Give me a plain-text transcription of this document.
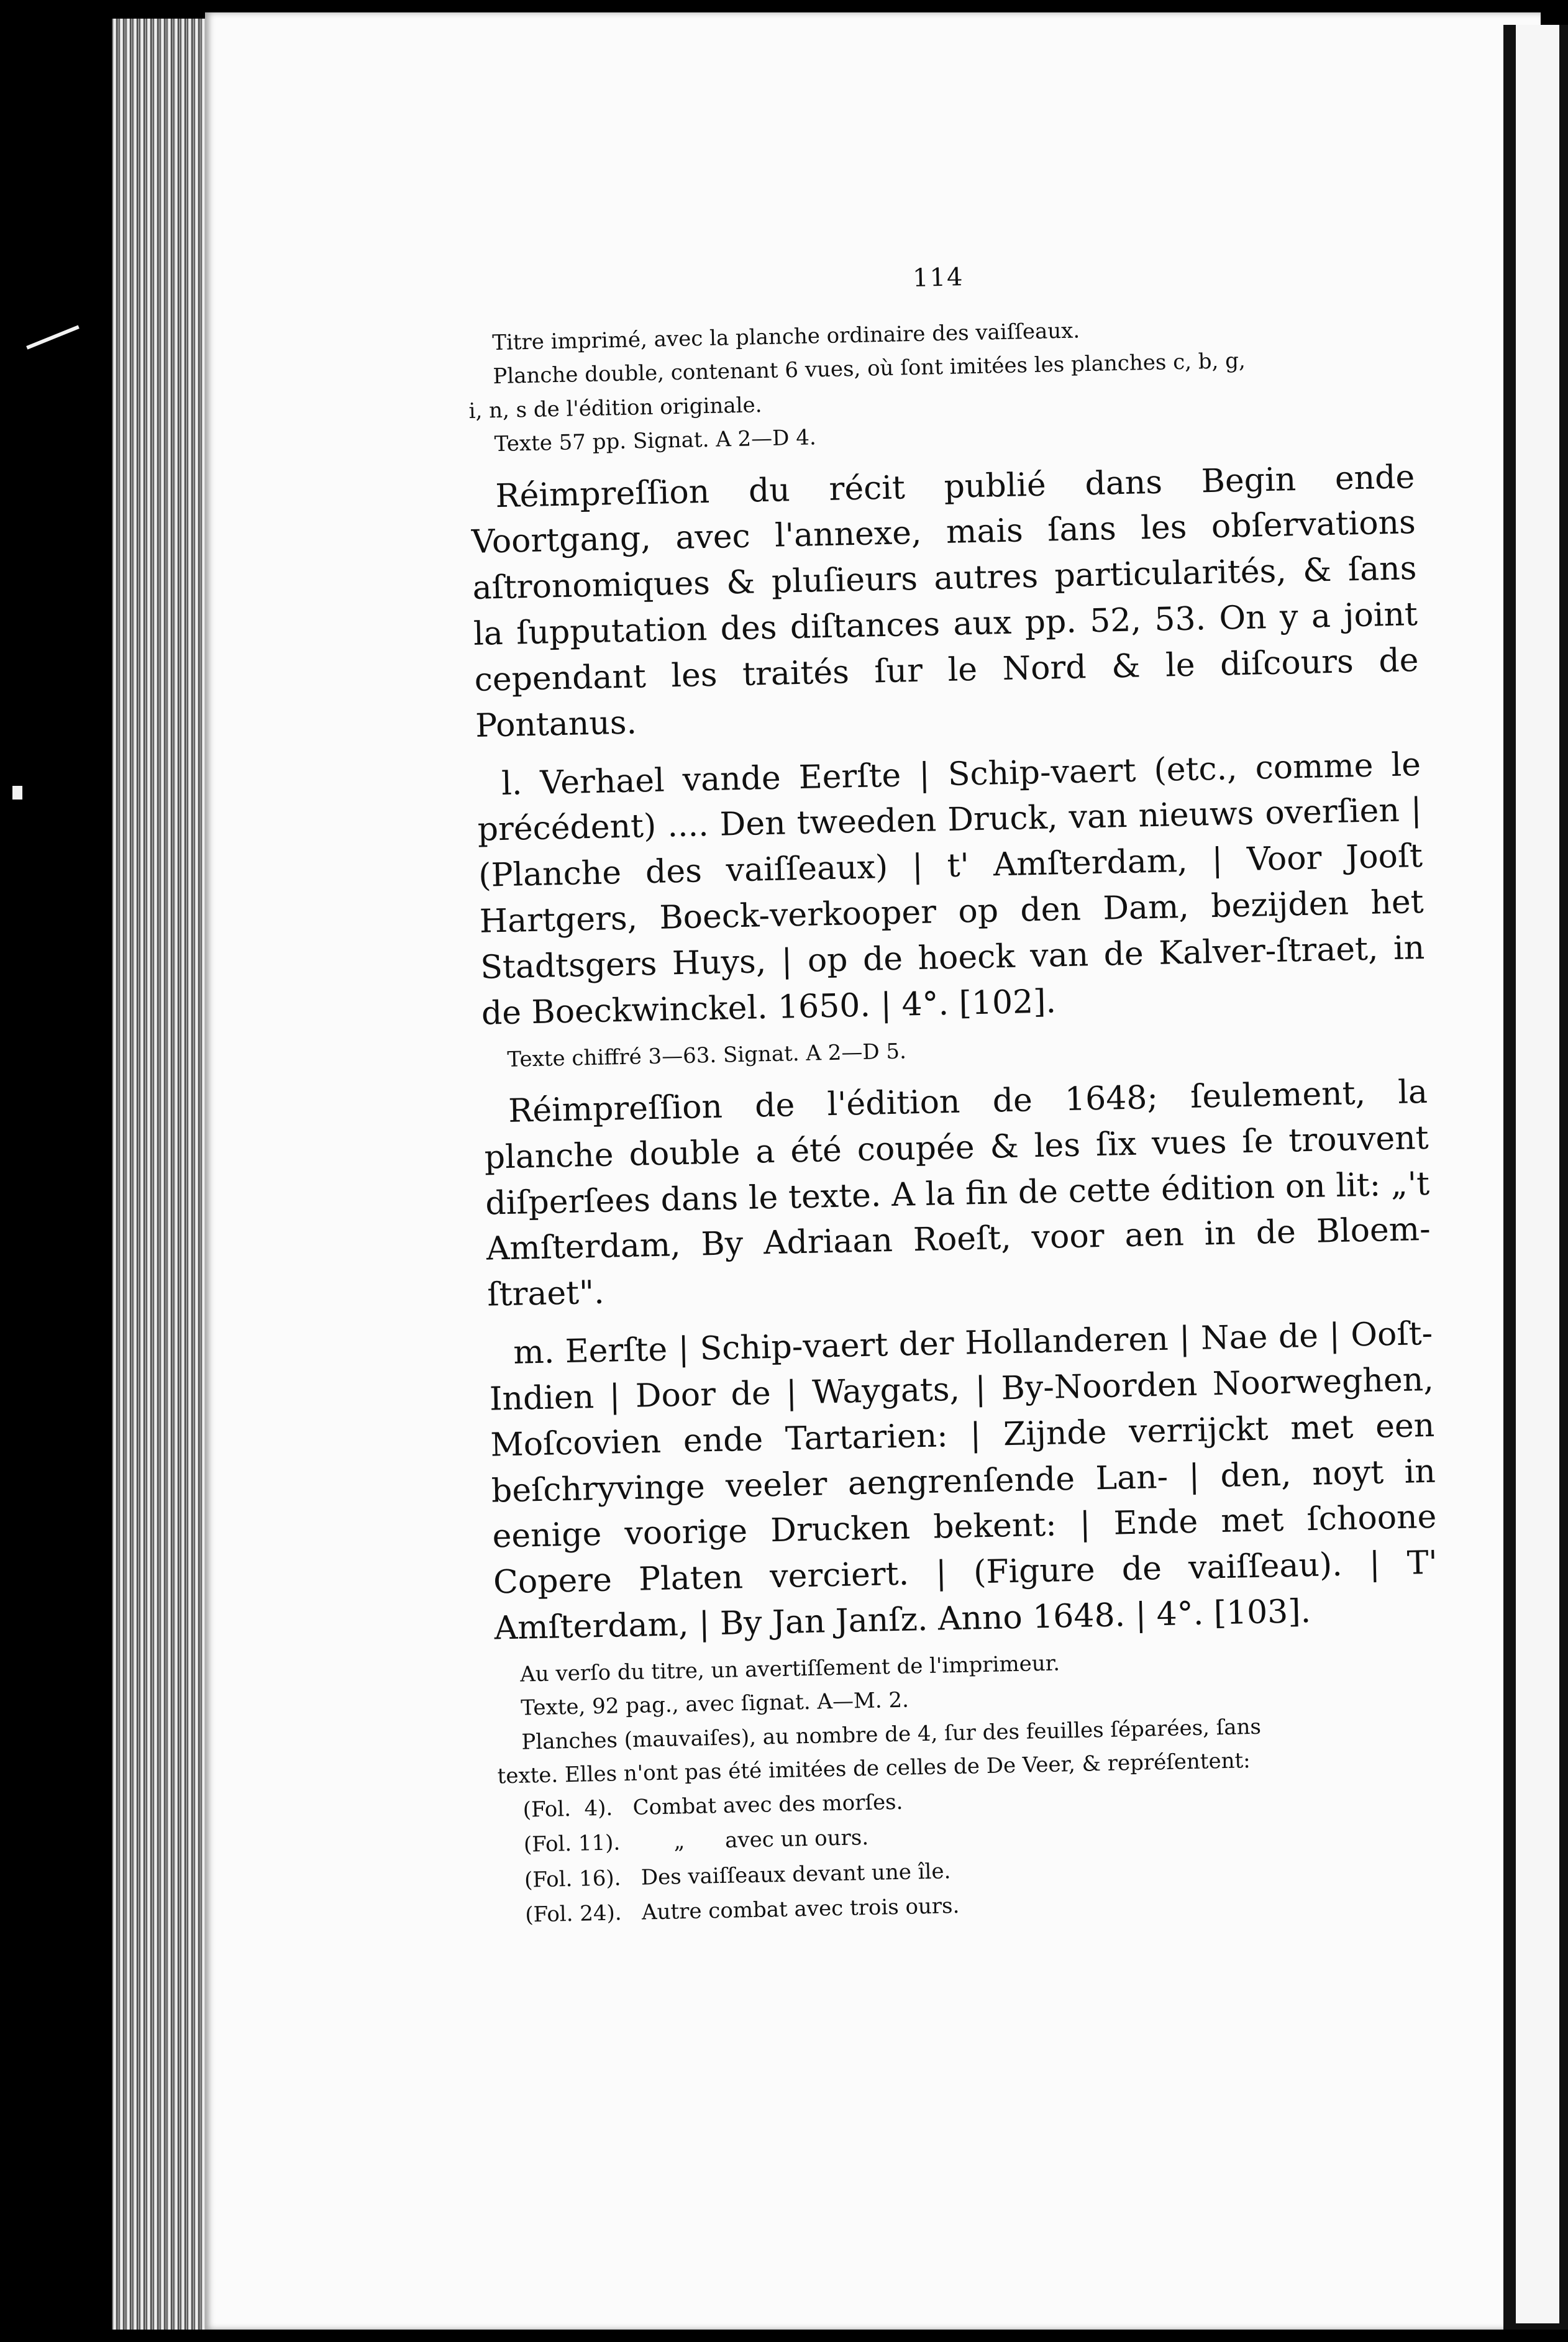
114

Titre imprimé, avec la planche ordinaire des vaiſſeaux.

Planche double, contenant 6 vues, où ſont imitées les planches c, b, g,

i, n, s de l'édition originale.

Texte 57 pp. Signat. A 2—D 4.

Réimpreſſion du récit publié dans Begin ende Voortgang, avec l'annexe, mais ſans les obſervations aſtronomiques & pluſieurs autres particularités, & ſans la ſupputation des diſtances aux pp. 52, 53. On y a joint cependant les traités ſur le Nord & le diſcours de Pontanus.

l. Verhael vande Eerſte | Schip-vaert (etc., comme le précédent) .... Den tweeden Druck, van nieuws overſien | (Planche des vaiſſeaux) | t' Amſterdam, | Voor Jooſt Hartgers, Boeck-verkooper op den Dam, bezijden het Stadtsgers Huys, | op de hoeck van de Kalver-ſtraet, in de Boeckwinckel. 1650. | 4°. [102].

Texte chiffré 3—63. Signat. A 2—D 5.

Réimpreſſion de l'édition de 1648; ſeulement, la planche double a été coupée & les ſix vues ſe trouvent diſperſees dans le texte. A la fin de cette édition on lit: „'t Amſterdam, By Adriaan Roeſt, voor aen in de Bloem-ſtraet".

m. Eerſte | Schip-vaert der Hollanderen | Nae de | Ooſt-Indien | Door de | Waygats, | By-Noorden Noorweghen, Moſcovien ende Tartarien: | Zijnde verrijckt met een beſchryvinge veeler aengrenſende Lan- | den, noyt in eenige voorige Drucken bekent: | Ende met ſchoone Copere Platen verciert. | (Figure de vaiſſeau). | T' Amſterdam, | By Jan Janſz. Anno 1648. | 4°. [103].

Au verſo du titre, un avertiſſement de l'imprimeur.

Texte, 92 pag., avec ſignat. A—M. 2.

Planches (mauvaiſes), au nombre de 4, ſur des feuilles ſéparées, ſans

texte. Elles n'ont pas été imitées de celles de De Veer, & repréſentent:

(Fol.  4).   Combat avec des morſes.

(Fol. 11).        „      avec un ours.

(Fol. 16).   Des vaiſſeaux devant une île.

(Fol. 24).   Autre combat avec trois ours.
